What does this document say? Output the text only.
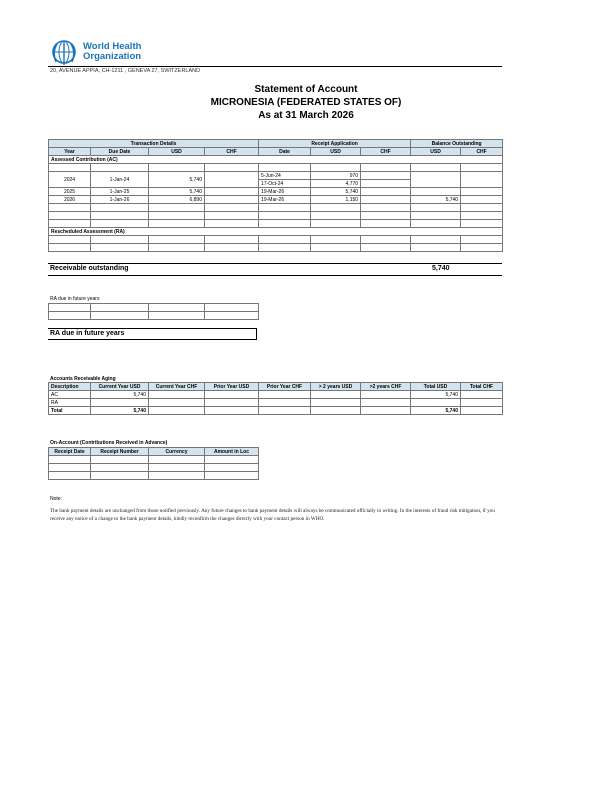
World Health
Organization
20, AVENUE APPIA, CH-1211 , GENEVA 27, SWITZERLAND
Statement of Account
MICRONESIA (FEDERATED STATES OF)
As at 31 March 2026
Transaction Details				Receipt Application			Balance Outstanding	
Year	Due Date	USD	CHF	Date	USD	CHF	USD	CHF
Assessed Contribution (AC)								

2024	1-Jan-24	5,740		5-Jun-24	970			
				17-Oct-24	4,770			
2025	1-Jan-25	5,740		19-Mar-26	5,740			
2026	1-Jan-26	6,890		19-Mar-26	1,150		5,740	

Rescheduled Assessment (RA)								

Receivable outstanding	5,740
RA due in future years

RA due in future years
Accounts Receivable Aging
Description	Current Year USD	Current Year CHF	Prior Year USD	Prior Year CHF	> 2 years USD	>2 years CHF	Total USD	Total CHF
AC	5,740						5,740	
RA								
Total	5,740						5,740	
On-Account (Contributions Received in Advance)
Receipt Date	Receipt Number	Currency	Amount in Loc

Note:
The bank payment details are unchanged from those notified previously. Any future changes to bank payment details will always be communicated officially in writing. In the interests of fraud risk mitigation, if you receive any notice of a change to the bank payment details, kindly reconfirm the changes directly with your contact person in WHO.
